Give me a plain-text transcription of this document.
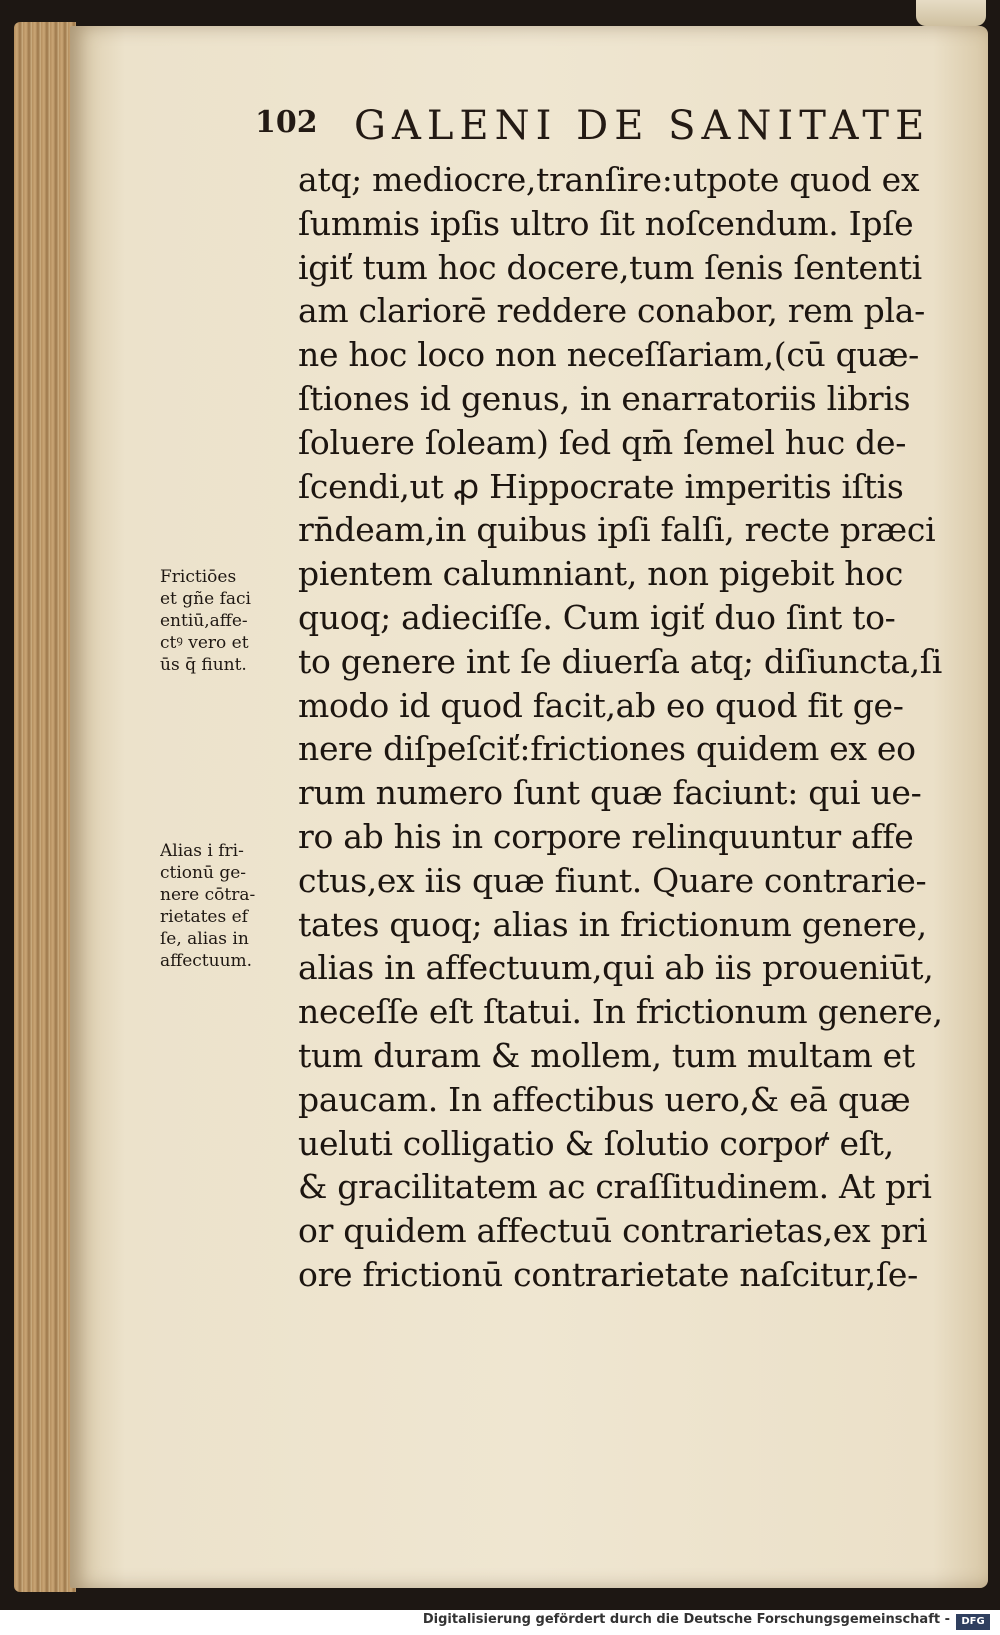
102 GALENI DE SANITATE
atq; mediocre,tranſire:utpote quod ex
ſummis ipſis ultro ſit noſcendum. Ipſe
igiť tum hoc docere,tum ſenis ſententi
am clariorē reddere conabor, rem pla-
ne hoc loco non neceſſariam,(cū quæ-
ſtiones id genus, in enarratoriis libris
ſoluere ſoleam) ſed qm̄ ſemel huc de-
ſcendi,ut ꝓ Hippocrate imperitis iſtis
rn̄deam,in quibus ipſi falſi, recte præci
pientem calumniant, non pigebit hoc
quoq; adieciſſe. Cum igiť duo ſint to-
to genere int ſe diuerſa atq; diſiuncta,ſi
modo id quod facit,ab eo quod fit ge-
nere diſpeſciť:frictiones quidem ex eo
rum numero ſunt quæ faciunt: qui ue-
ro ab his in corpore relinquuntur affe
ctus,ex iis quæ fiunt. Quare contrarie-
tates quoq; alias in frictionum genere,
alias in affectuum,qui ab iis proueniūt,
neceſſe eſt ſtatui. In frictionum genere,
tum duram & mollem, tum multam et
paucam. In affectibus uero,& eā quæ
ueluti colligatio & ſolutio corpoꝵ eſt,
& gracilitatem ac craſſitudinem. At pri
or quidem affectuū contrarietas,ex pri
ore frictionū contrarietate naſcitur,ſe-
Frictiōes
et gñe faci
entiū,affe-
ctꝰ vero et
ūs q̄ fiunt.
Alias i fri-
ctionū ge-
nere cōtra-
rietates ef
ſe, alias in
affectuum.
Digitalisierung gefördert durch die Deutsche Forschungsgemeinschaft -	DFG
